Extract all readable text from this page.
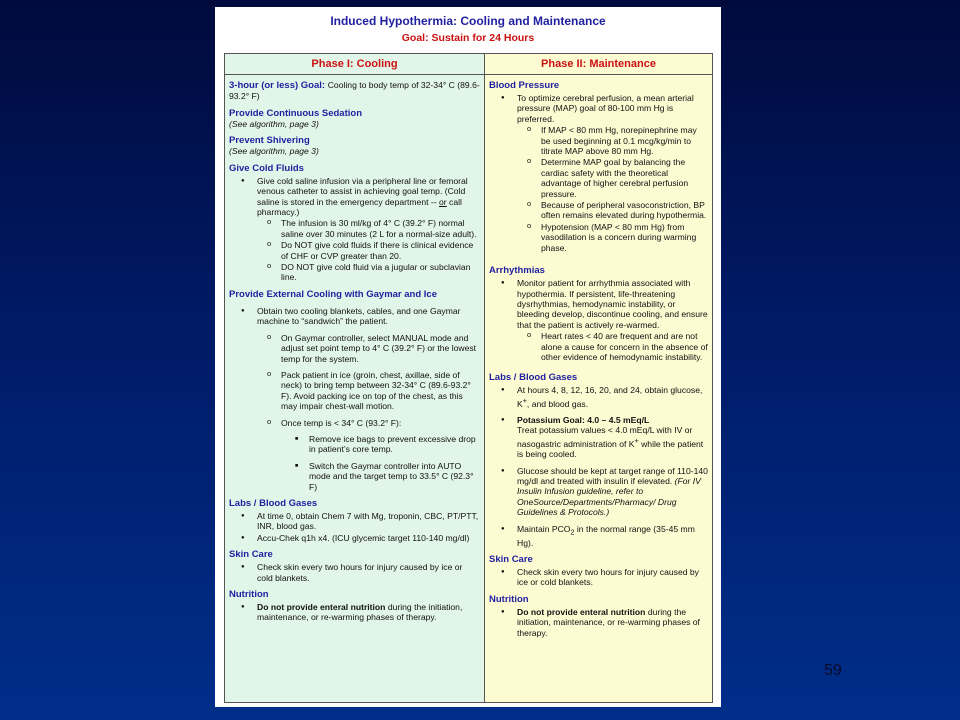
Induced Hypothermia: Cooling and Maintenance
Goal: Sustain for 24 Hours
Phase I: Cooling
3-hour (or less) Goal: Cooling to body temp of 32-34° C (89.6-93.2° F)
Provide Continuous Sedation
(See algorithm, page 3)
Prevent Shivering
(See algorithm, page 3)
Give Cold Fluids
● Give cold saline infusion via a peripheral line or femoral venous catheter to assist in achieving goal temp. (Cold saline is stored in the emergency department -- or call pharmacy.)
o The infusion is 30 ml/kg of 4° C (39.2° F) normal saline over 30 minutes (2 L for a normal-size adult).
o Do NOT give cold fluids if there is clinical evidence of CHF or CVP greater than 20.
o DO NOT give cold fluid via a jugular or subclavian line.
Provide External Cooling with Gaymar and Ice
● Obtain two cooling blankets, cables, and one Gaymar machine to “sandwich” the patient.
o On Gaymar controller, select MANUAL mode and adjust set point temp to 4° C (39.2° F) or the lowest temp for the system.
o Pack patient in ice (groin, chest, axillae, side of neck) to bring temp between 32-34° C (89.6-93.2° F). Avoid packing ice on top of the chest, as this may impair chest-wall motion.
o Once temp is < 34° C (93.2° F):
■ Remove ice bags to prevent excessive drop in patient’s core temp.
■ Switch the Gaymar controller into AUTO mode and the target temp to 33.5° C (92.3° F)
Labs / Blood Gases
● At time 0, obtain Chem 7 with Mg, troponin, CBC, PT/PTT, INR, blood gas.
● Accu-Chek q1h x4. (ICU glycemic target 110-140 mg/dl)
Skin Care
● Check skin every two hours for injury caused by ice or cold blankets.
Nutrition
● Do not provide enteral nutrition during the initiation, maintenance, or re-warming phases of therapy.
Phase II: Maintenance
Blood Pressure
● To optimize cerebral perfusion, a mean arterial pressure (MAP) goal of 80-100 mm Hg is preferred.
o If MAP < 80 mm Hg, norepinephrine may be used beginning at 0.1 mcg/kg/min to titrate MAP above 80 mm Hg.
o Determine MAP goal by balancing the cardiac safety with the theoretical advantage of higher cerebral perfusion pressure.
o Because of peripheral vasoconstriction, BP often remains elevated during hypothermia.
o Hypotension (MAP < 80 mm Hg) from vasodilation is a concern during warming phase.
Arrhythmias
● Monitor patient for arrhythmia associated with hypothermia. If persistent, life-threatening dysrhythmias, hemodynamic instability, or bleeding develop, discontinue cooling, and ensure that the patient is actively re-warmed.
o Heart rates < 40 are frequent and are not alone a cause for concern in the absence of other evidence of hemodynamic instability.
Labs / Blood Gases
● At hours 4, 8, 12, 16, 20, and 24, obtain glucose, K+, and blood gas.
● Potassium Goal: 4.0 – 4.5 mEq/L
Treat potassium values < 4.0 mEq/L with IV or nasogastric administration of K+ while the patient is being cooled.
● Glucose should be kept at target range of 110-140 mg/dl and treated with insulin if elevated. (For IV Insulin Infusion guideline, refer to OneSource/Departments/Pharmacy/ Drug Guidelines & Protocols.)
● Maintain $PCO_2$ in the normal range (35-45 mm Hg).
Skin Care
● Check skin every two hours for injury caused by ice or cold blankets.
Nutrition
● Do not provide enteral nutrition during the initiation, maintenance, or re-warming phases of therapy.
59
